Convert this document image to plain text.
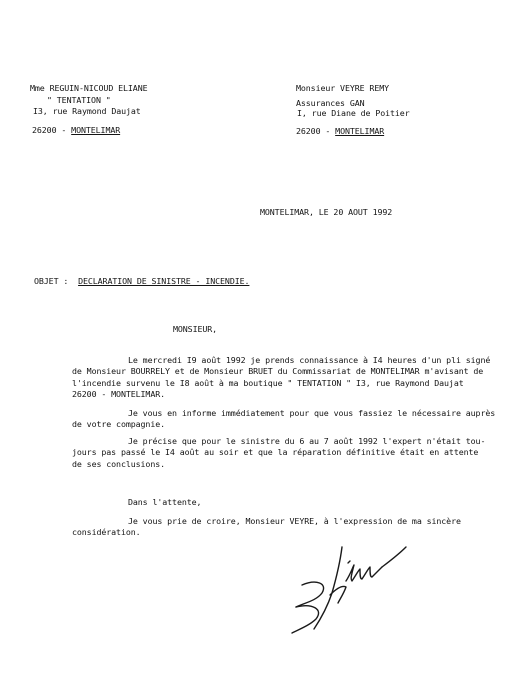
Mme REGUIN-NICOUD ELIANE
" TENTATION "
I3, rue Raymond Daujat
26200 - MONTELIMAR
Monsieur VEYRE REMY
Assurances GAN
I, rue Diane de Poitier
26200 - MONTELIMAR
MONTELIMAR, LE 20 AOUT 1992
OBJET : DECLARATION DE SINISTRE - INCENDIE.
MONSIEUR,
Le mercredi I9 août 1992 je prends connaissance à I4 heures d'un pli signé
de Monsieur BOURRELY et de Monsieur BRUET du Commissariat de MONTELIMAR m'avisant de
l'incendie survenu le I8 août à ma boutique " TENTATION " I3, rue Raymond Daujat
26200 - MONTELIMAR.
Je vous en informe immédiatement pour que vous fassiez le nécessaire auprès
de votre compagnie.
Je précise que pour le sinistre du 6 au 7 août 1992 l'expert n'était tou-
jours pas passé le I4 août au soir et que la réparation définitive était en attente
de ses conclusions.
Dans l'attente,
Je vous prie de croire, Monsieur VEYRE, à l'expression de ma sincère
considération.
